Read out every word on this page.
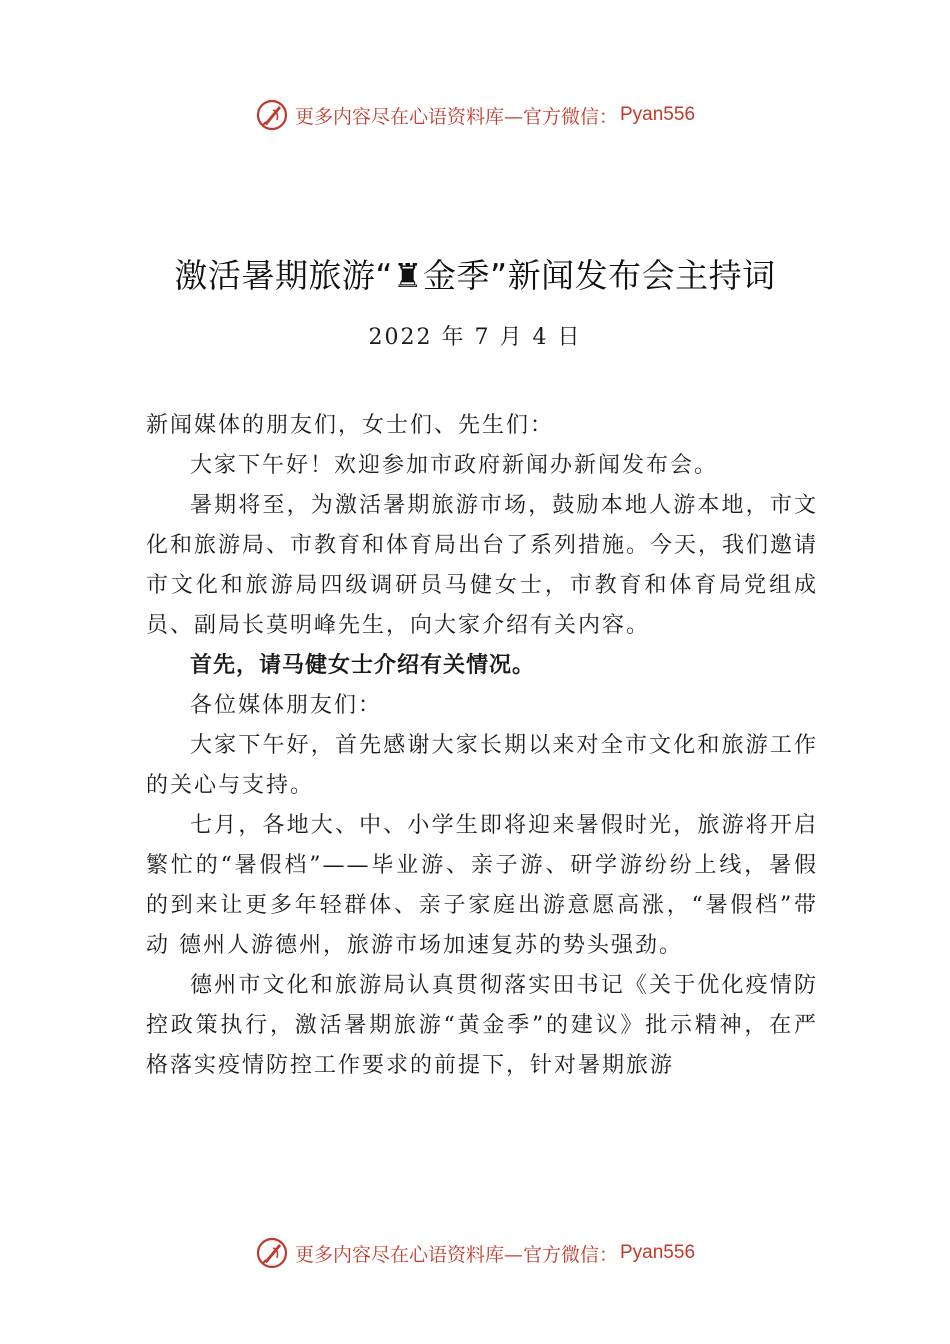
更多内容尽在心语资料库—官方微信： Pyan556
激活暑期旅游“♜金季”新闻发布会主持词
2022 年 7 月 4 日

新闻媒体的朋友们，女士们、先生们：

大家下午好！欢迎参加市政府新闻办新闻发布会。

暑期将至，为激活暑期旅游市场，鼓励本地人游本地，市文化和旅游局、市教育和体育局出台了系列措施。今天，我们邀请市文化和旅游局四级调研员马健女士，市教育和体育局党组成员、副局长莫明峰先生，向大家介绍有关内容。

首先，请马健女士介绍有关情况。

各位媒体朋友们：

大家下午好，首先感谢大家长期以来对全市文化和旅游工作的关心与支持。

七月，各地大、中、小学生即将迎来暑假时光，旅游将开启繁忙的“暑假档”——毕业游、亲子游、研学游纷纷上线，暑假的到来让更多年轻群体、亲子家庭出游意愿高涨，“暑假档”带动 德州人游德州，旅游市场加速复苏的势头强劲。

德州市文化和旅游局认真贯彻落实田书记《关于优化疫情防控政策执行，激活暑期旅游“黄金季”的建议》批示精神，在严格落实疫情防控工作要求的前提下，针对暑期旅游

更多内容尽在心语资料库—官方微信： Pyan556
